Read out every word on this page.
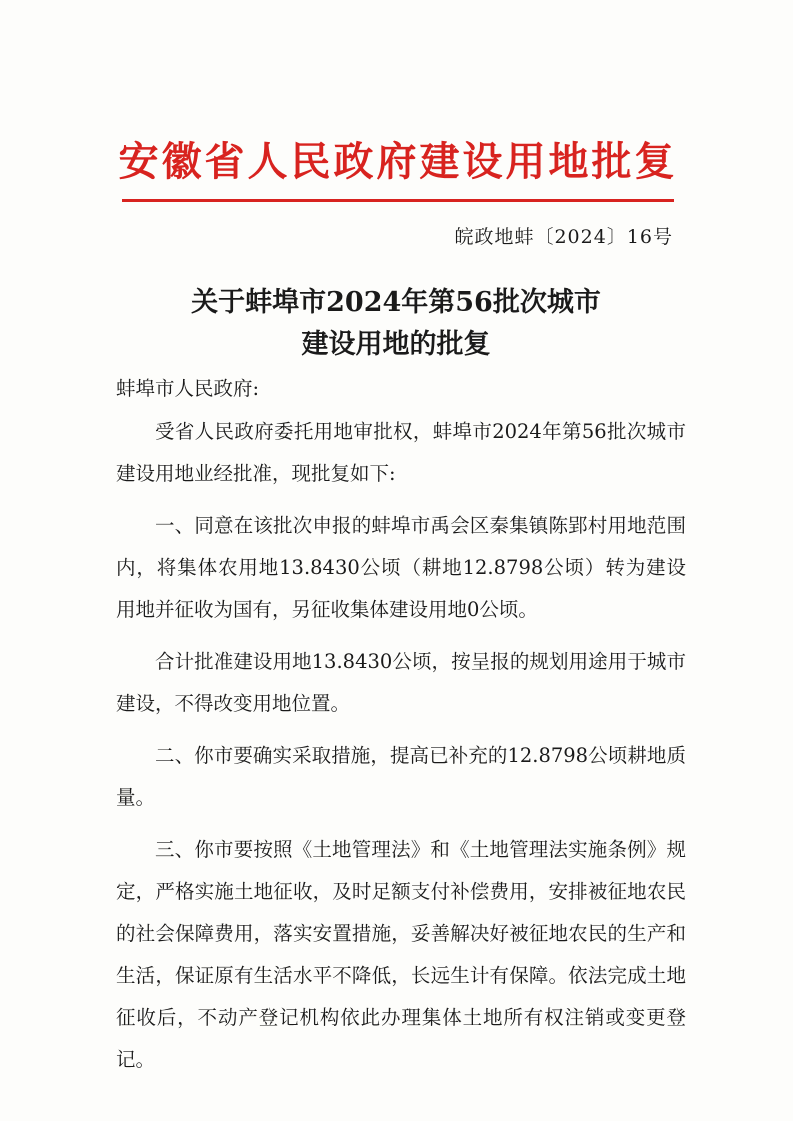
安徽省人民政府建设用地批复
皖政地蚌〔2024〕16号
关于蚌埠市2024年第56批次城市
建设用地的批复
蚌埠市人民政府:

受省人民政府委托用地审批权，蚌埠市2024年第56批次城市建设用地业经批准，现批复如下:

一、同意在该批次申报的蚌埠市禹会区秦集镇陈郢村用地范围内，将集体农用地13.8430公顷（耕地12.8798公顷）转为建设用地并征收为国有，另征收集体建设用地0公顷。

合计批准建设用地13.8430公顷，按呈报的规划用途用于城市建设，不得改变用地位置。

二、你市要确实采取措施，提高已补充的12.8798公顷耕地质量。

三、你市要按照《土地管理法》和《土地管理法实施条例》规定，严格实施土地征收，及时足额支付补偿费用，安排被征地农民的社会保障费用，落实安置措施，妥善解决好被征地农民的生产和生活，保证原有生活水平不降低，长远生计有保障。依法完成土地征收后，不动产登记机构依此办理集体土地所有权注销或变更登记。
